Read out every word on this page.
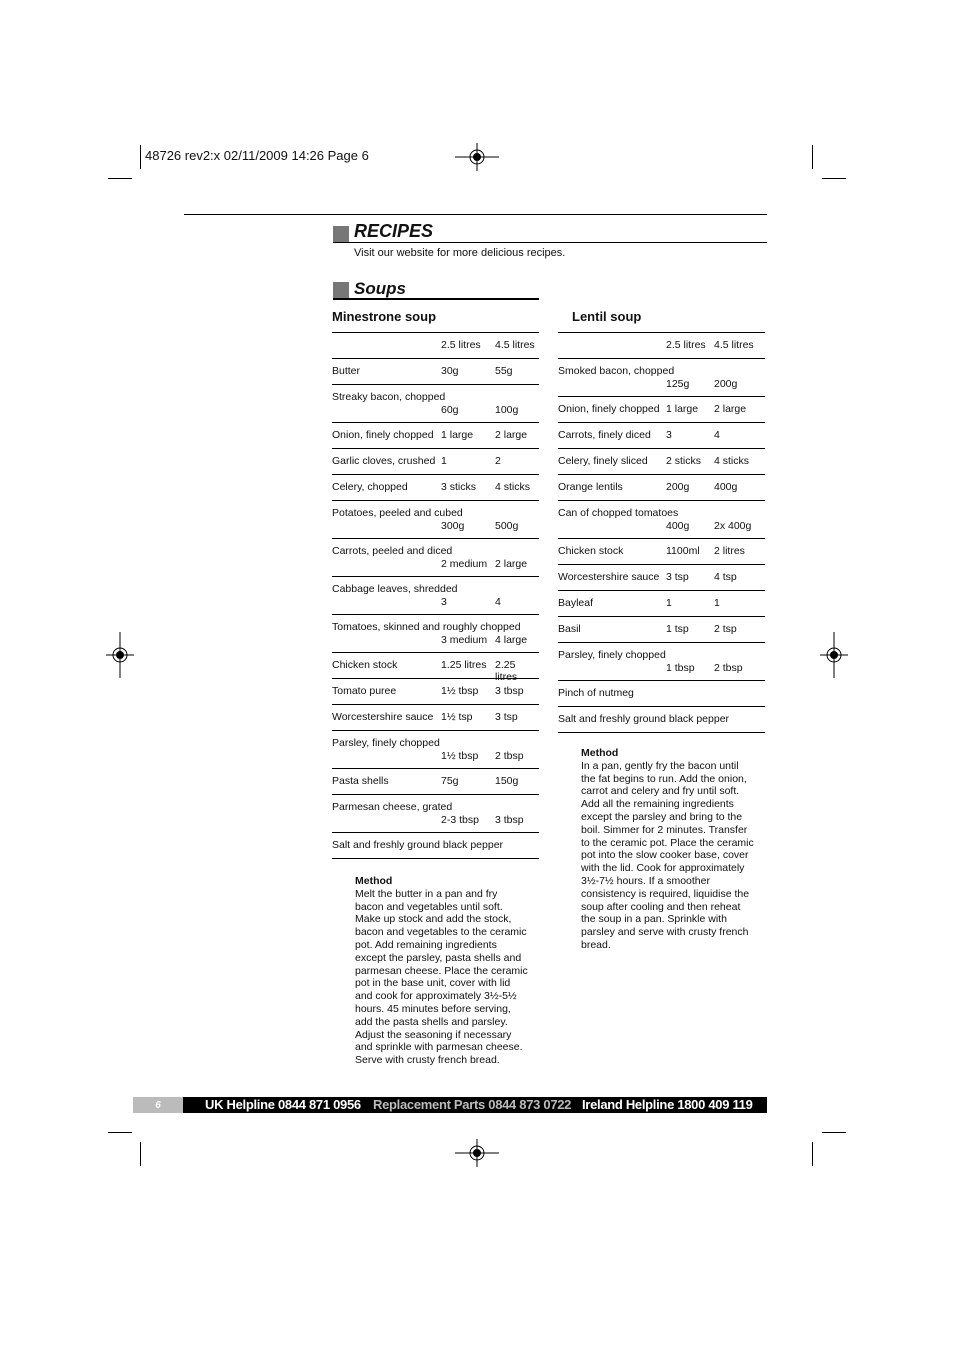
48726 rev2:x 02/11/2009 14:26 Page 6
RECIPES
Visit our website for more delicious recipes.
Soups
Minestrone soup
2.5 litres 4.5 litres
Butter	30g	55g
Streaky bacon, chopped
60g	100g
Onion, finely chopped 1 large 2 large
Garlic cloves, crushed 1	2
Celery, chopped	3 sticks 4 sticks
Potatoes, peeled and cubed
300g	500g
Carrots, peeled and diced
2 medium 2 large
Cabbage leaves, shredded
3	4
Tomatoes, skinned and roughly chopped
3 medium 4 large
Chicken stock	1.25 litres 2.25 litres
Tomato puree	1½ tbsp 3 tbsp
Worcestershire sauce 1½ tsp 3 tsp
Parsley, finely chopped
1½ tbsp 2 tbsp
Pasta shells	75g	150g
Parmesan cheese, grated
2-3 tbsp 3 tbsp
Salt and freshly ground black pepper
Method
Melt the butter in a pan and fry
bacon and vegetables until soft.
Make up stock and add the stock,
bacon and vegetables to the ceramic
pot. Add remaining ingredients
except the parsley, pasta shells and
parmesan cheese. Place the ceramic
pot in the base unit, cover with lid
and cook for approximately 3½-5½
hours. 45 minutes before serving,
add the pasta shells and parsley.
Adjust the seasoning if necessary
and sprinkle with parmesan cheese.
Serve with crusty french bread.
Lentil soup
2.5 litres 4.5 litres
Smoked bacon, chopped
125g 200g
Onion, finely chopped 1 large 2 large
Carrots, finely diced 3	4
Celery, finely sliced 2 sticks 4 sticks
Orange lentils	200g 400g
Can of chopped tomatoes
400g 2x 400g
Chicken stock	1100ml 2 litres
Worcestershire sauce 3 tsp 4 tsp
Bayleaf	1	1
Basil	1 tsp 2 tsp
Parsley, finely chopped
1 tbsp 2 tbsp
Pinch of nutmeg
Salt and freshly ground black pepper
Method
In a pan, gently fry the bacon until
the fat begins to run. Add the onion,
carrot and celery and fry until soft.
Add all the remaining ingredients
except the parsley and bring to the
boil. Simmer for 2 minutes. Transfer
to the ceramic pot. Place the ceramic
pot into the slow cooker base, cover
with the lid. Cook for approximately
3½-7½ hours. If a smoother
consistency is required, liquidise the
soup after cooling and then reheat
the soup in a pan. Sprinkle with
parsley and serve with crusty french
bread.
6	UK Helpline 0844 871 0956 Replacement Parts 0844 873 0722 Ireland Helpline 1800 409 119
